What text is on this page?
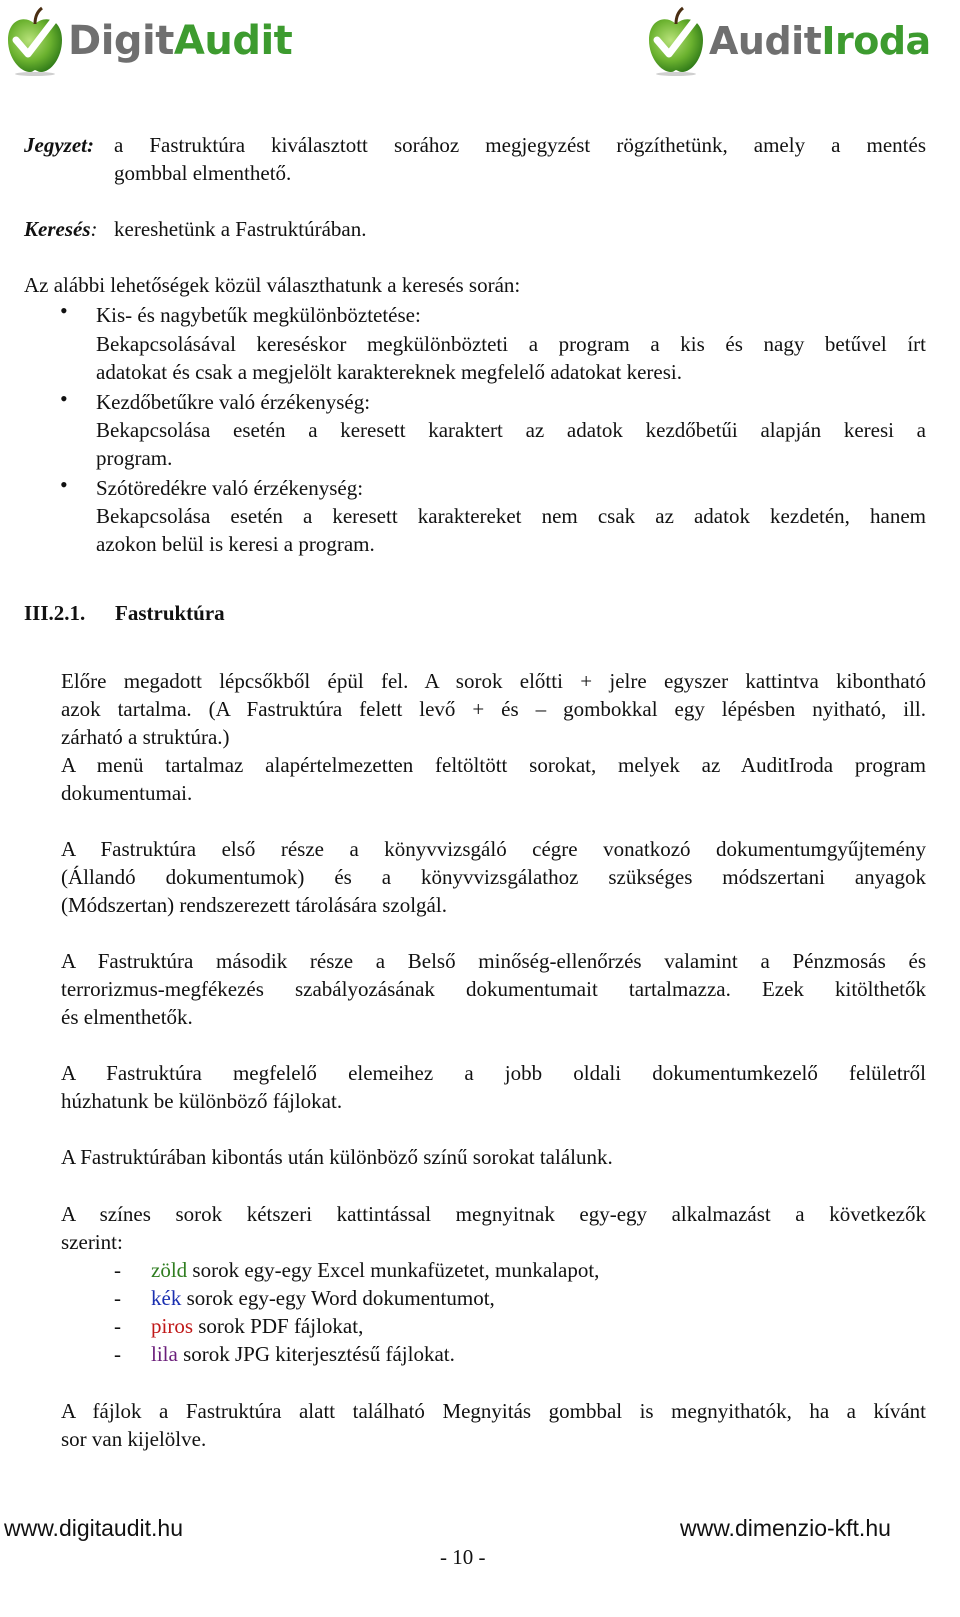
DigitAudit	AuditIroda
Jegyzet: a Fastruktúra kiválasztott sorához megjegyzést rögzíthetünk, amely a mentés
gombbal elmenthető.
Keresés: kereshetünk a Fastruktúrában.
Az alábbi lehetőségek közül választhatunk a keresés során:
• Kis- és nagybetűk megkülönböztetése:
Bekapcsolásával kereséskor megkülönbözteti a program a kis és nagy betűvel írt
adatokat és csak a megjelölt karaktereknek megfelelő adatokat keresi.
• Kezdőbetűkre való érzékenység:
Bekapcsolása esetén a keresett karaktert az adatok kezdőbetűi alapján keresi a
program.
• Szótöredékre való érzékenység:
Bekapcsolása esetén a keresett karaktereket nem csak az adatok kezdetén, hanem
azokon belül is keresi a program.
III.2.1. Fastruktúra
Előre megadott lépcsőkből épül fel. A sorok előtti + jelre egyszer kattintva kibontható
azok tartalma. (A Fastruktúra felett levő + és – gombokkal egy lépésben nyitható, ill.
zárható a struktúra.)
A menü tartalmaz alapértelmezetten feltöltött sorokat, melyek az AuditIroda program
dokumentumai.
A Fastruktúra első része a könyvvizsgáló cégre vonatkozó dokumentumgyűjtemény
(Állandó dokumentumok) és a könyvvizsgálathoz szükséges módszertani anyagok
(Módszertan) rendszerezett tárolására szolgál.
A Fastruktúra második része a Belső minőség-ellenőrzés valamint a Pénzmosás és
terrorizmus-megfékezés szabályozásának dokumentumait tartalmazza. Ezek kitölthetők
és elmenthetők.
A Fastruktúra megfelelő elemeihez a jobb oldali dokumentumkezelő felületről
húzhatunk be különböző fájlokat.
A Fastruktúrában kibontás után különböző színű sorokat találunk.
A színes sorok kétszeri kattintással megnyitnak egy-egy alkalmazást a következők
szerint:
- zöld sorok egy-egy Excel munkafüzetet, munkalapot,
- kék sorok egy-egy Word dokumentumot,
- piros sorok PDF fájlokat,
- lila sorok JPG kiterjesztésű fájlokat.
A fájlok a Fastruktúra alatt található Megnyitás gombbal is megnyithatók, ha a kívánt
sor van kijelölve.
www.digitaudit.hu	www.dimenzio-kft.hu
- 10 -
